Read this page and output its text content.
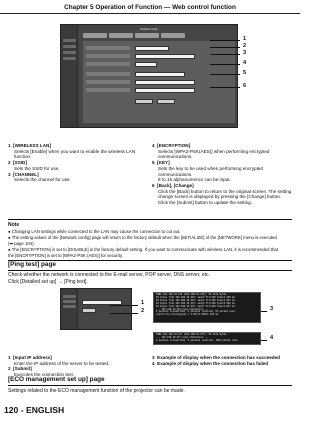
Chapter 5 Operation of Function — Web control function
Network config
1
2
3
4
5
6
1 [WIRELESS LAN]
Selects [Enable] when you want to enable the wireless LAN
function.
2 [SSID]
Sets the SSID for use.
3 [CHANNEL]
Selects the channel for use.
4 [ENCRYPTION]
Selects [WPA2-PSK(AES)] when performing encrypted
communications.
5 [KEY]
Sets the key to be used when performing encrypted
communications.
8 to 15 alphanumerics can be input.
6 [Back], [Change]
Click the [Back] button to return to the original screen. The setting
change screen is displayed by pressing the [Change] button.
Click the [Submit] button to update the setting.
Note
● Changing LAN settings while connected to the LAN may cause the connection to cut out.
● The setting values of the [Network config] page will return to the factory default when the [INITIALIZE] of the [NETWORK] menu is executed
(➡ page 104).
● The [ENCRYPTION] is set to [DISABLE] in the factory default setting. If you want to communicate with wireless LAN, it is recommended that
the [ENCRYPTION] is set to [WPA2-PSK (AES)] for security.
[Ping test] page
Check whether the network is connected to the E-mail server, POP server, DNS server, etc.
Click [Detailed set up] → [Ping test].
1
2
PING 192.168.10.215 (192.168.10.215): 56 data bytes
64 bytes from 192.168.10.215: seq=0 ttl=128 time=1.258 ms
64 bytes from 192.168.10.215: seq=1 ttl=128 time=1.041 ms
64 bytes from 192.168.10.215: seq=2 ttl=128 time=1.062 ms
64 bytes from 192.168.10.215: seq=3 ttl=128 time=1.037 ms
--- 192.168.10.215 ping statistics ---
4 packets transmitted, 4 packets received, 0% packet loss
round-trip min/avg/max = 1.037/1.099/1.258 ms
3
PING 192.168.10.217 (192.168.10.217): 56 data bytes
--- 192.168.10.217 ping statistics ---
4 packets transmitted, 0 packets received, 100% packet loss	4
1 [Input IP address]
Enter the IP address of the server to be tested.
2 [Submit]
Executes the connection test.
3 Example of display when the connection has succeeded
4 Example of display when the connection has failed
[ECO management set up] page
Settings related to the ECO management function of the projector can be made.
120 - ENGLISH
